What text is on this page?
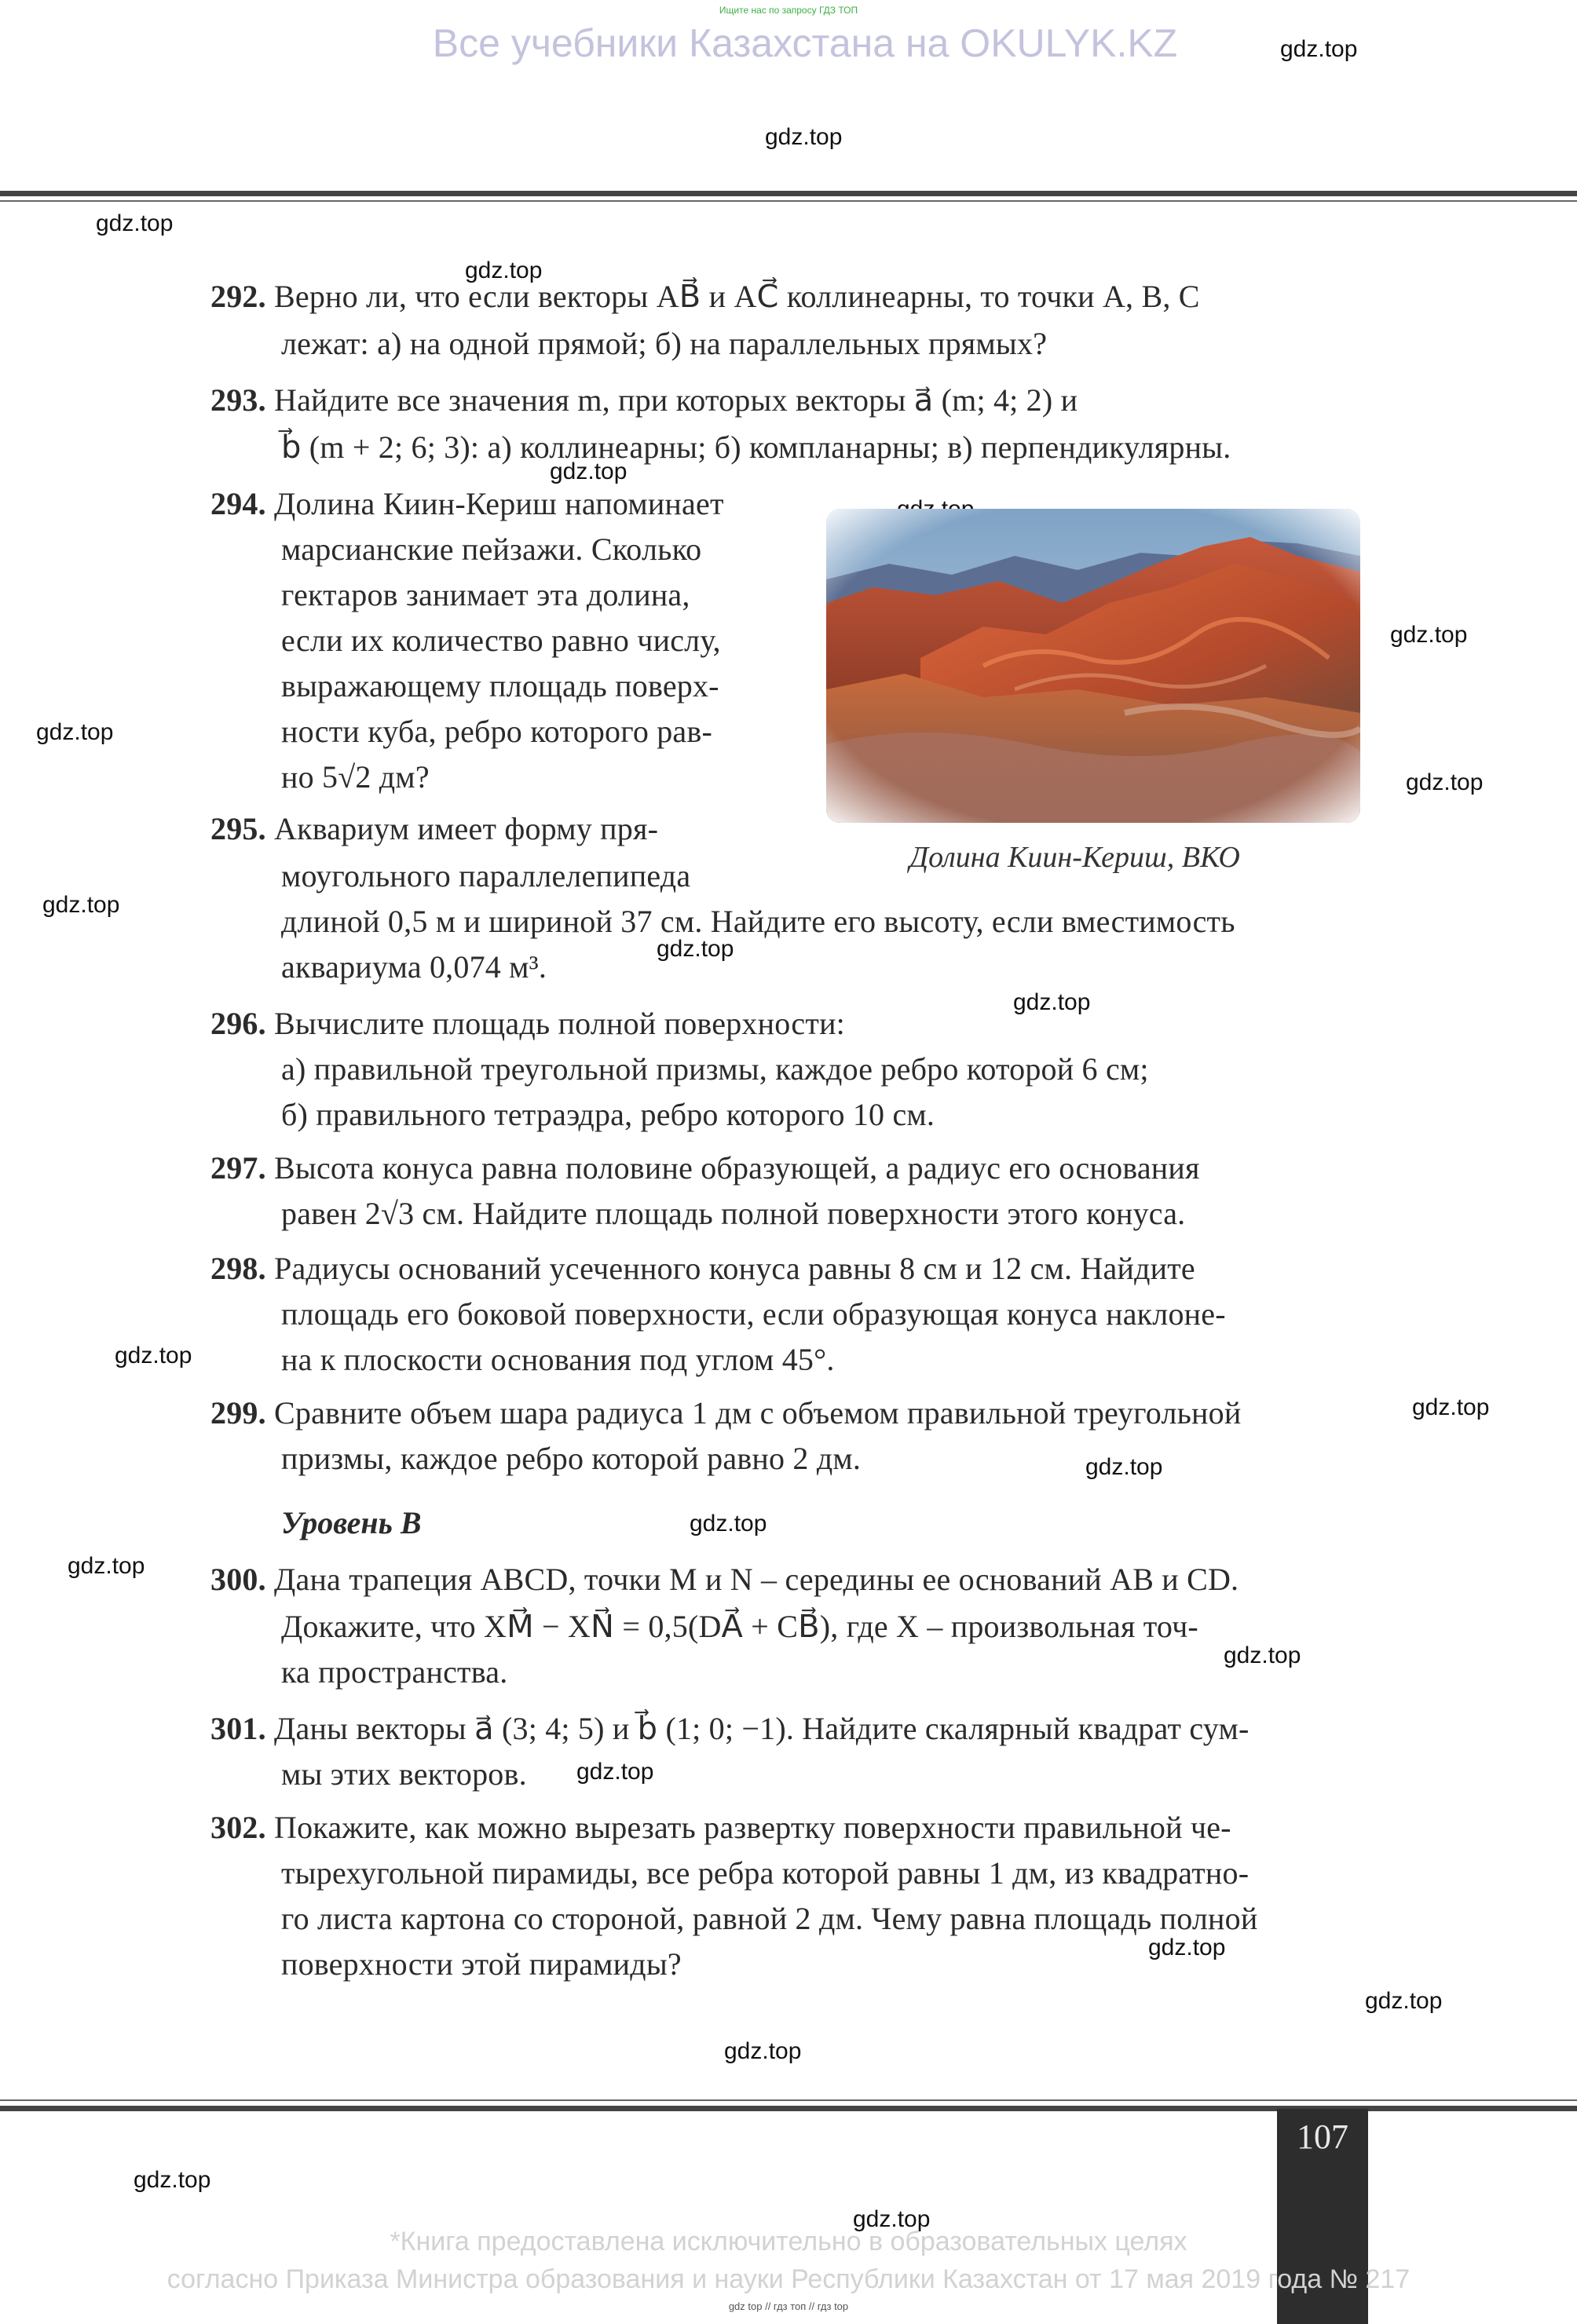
Ищите нас по запросу ГДЗ ТОП
Все учебники Казахстана на OKULYK.KZ	gdz.top
gdz.top
gdz.top
gdz.top
gdz.top
gdz.top
gdz.top
gdz.top
gdz.top
gdz.top
gdz.top
gdz.top
gdz.top
gdz.top
gdz.top
gdz.top
gdz.top
gdz.top
gdz.top
gdz.top
gdz.top
gdz.top
gdz.top
292. Верно ли, что если векторы AB⃗ и AC⃗ коллинеарны, то точки A, B, C
лежат: а) на одной прямой; б) на параллельных прямых?
293. Найдите все значения m, при которых векторы a⃗ (m; 4; 2) и
b⃗ (m + 2; 6; 3): а) коллинеарны; б) компланарны; в) перпендикулярны.
294. Долина Киин-Кериш напоминает
марсианские пейзажи. Сколько
гектаров занимает эта долина,
если их количество равно числу,
выражающему площадь поверх-
ности куба, ребро которого рав-
но 5√2 дм?
Долина Киин-Кериш, ВКО
295. Аквариум имеет форму пря-
моугольного параллелепипеда
длиной 0,5 м и шириной 37 см. Найдите его высоту, если вместимость
аквариума 0,074 м³.
296. Вычислите площадь полной поверхности:
а) правильной треугольной призмы, каждое ребро которой 6 см;
б) правильного тетраэдра, ребро которого 10 см.
297. Высота конуса равна половине образующей, а радиус его основания
равен 2√3 см. Найдите площадь полной поверхности этого конуса.
298. Радиусы оснований усеченного конуса равны 8 см и 12 см. Найдите
площадь его боковой поверхности, если образующая конуса наклоне-
на к плоскости основания под углом 45°.
299. Сравните объем шара радиуса 1 дм с объемом правильной треугольной
призмы, каждое ребро которой равно 2 дм.
Уровень B
300. Дана трапеция ABCD, точки M и N – середины ее оснований AB и CD.
Докажите, что XM⃗ − XN⃗ = 0,5(DA⃗ + CB⃗), где X – произвольная точ-
ка пространства.
301. Даны векторы a⃗ (3; 4; 5) и b⃗ (1; 0; −1). Найдите скалярный квадрат сум-
мы этих векторов.
302. Покажите, как можно вырезать развертку поверхности правильной че-
тырехугольной пирамиды, все ребра которой равны 1 дм, из квадратно-
го листа картона со стороной, равной 2 дм. Чему равна площадь полной
поверхности этой пирамиды?
107
*Книга предоставлена исключительно в образовательных целях
согласно Приказа Министра образования и науки Республики Казахстан от 17 мая 2019 года № 217
gdz top // гдз топ // гдз top
